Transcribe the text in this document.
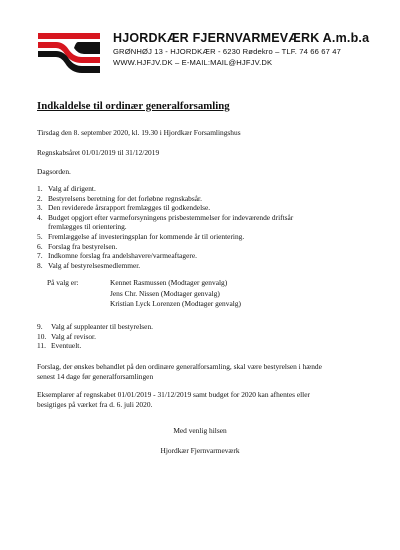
HJORDKÆR FJERNVARMEVÆRK A.m.b.a
GRØNHØJ 13 - HJORDKÆR - 6230 Rødekro – TLF. 74 66 67 47
WWW.HJFJV.DK – E-MAIL:MAIL@HJFJV.DK
Indkaldelse til ordinær generalforsamling
Tirsdag den 8. september 2020, kl. 19.30 i Hjordkær Forsamlingshus
Regnskabsåret 01/01/2019 til 31/12/2019
Dagsorden.
1. Valg af dirigent.
2. Bestyrelsens beretning for det forløbne regnskabsår.
3. Den reviderede årsrapport fremlægges til godkendelse.
4. Budget opgjort efter varmeforsyningens prisbestemmelser for indeværende driftsår
fremlægges til orientering.
5. Fremlæggelse af investeringsplan for kommende år til orientering.
6. Forslag fra bestyrelsen.
7. Indkomne forslag fra andelshavere/varmeaftagere.
8. Valg af bestyrelsesmedlemmer.
På valg er:	Kennet Rasmussen (Modtager genvalg)
Jens Chr. Nissen (Modtager genvalg)
Kristian Lyck Lorenzen (Modtager genvalg)
9. Valg af suppleanter til bestyrelsen.
10. Valg af revisor.
11. Eventuelt.
Forslag, der ønskes behandlet på den ordinære generalforsamling, skal være bestyrelsen i hænde
senest 14 dage før generalforsamlingen
Eksemplarer af regnskabet 01/01/2019 - 31/12/2019 samt budget for 2020 kan afhentes eller
besigtiges på værket fra d. 6. juli 2020.
Med venlig hilsen
Hjordkær Fjernvarmeværk
